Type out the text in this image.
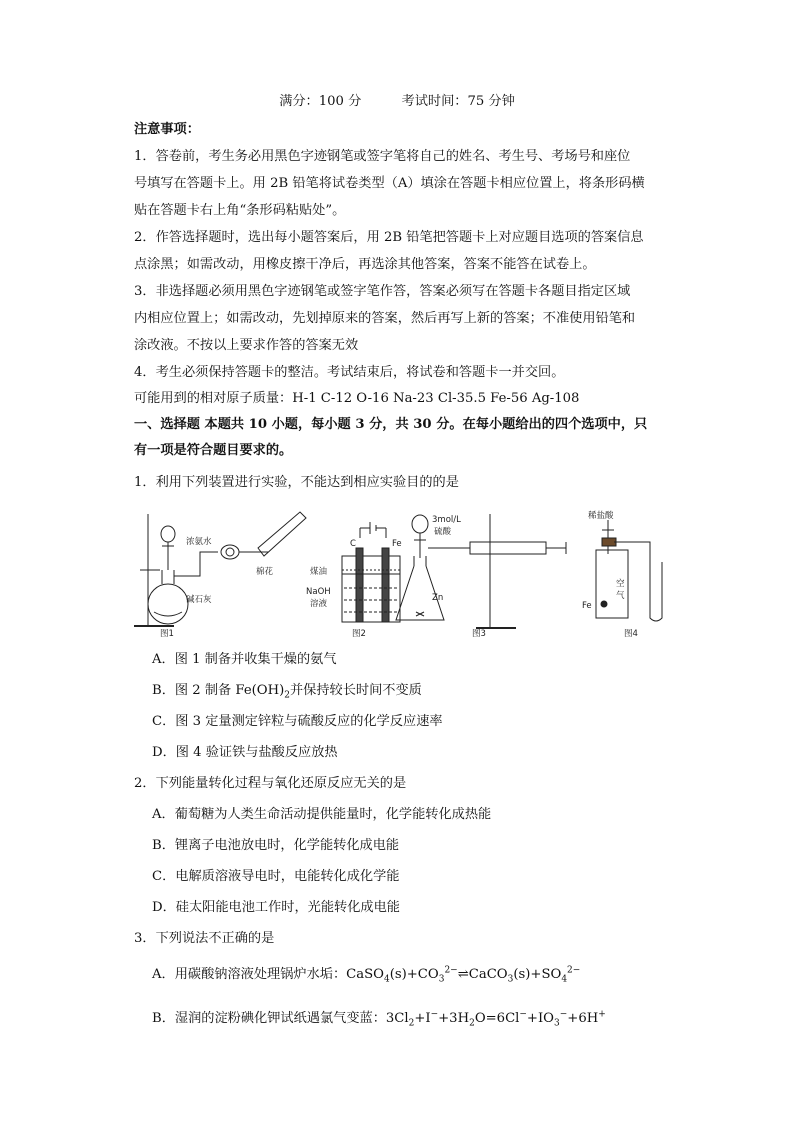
满分：100 分	考试时间：75 分钟
注意事项：
1．答卷前，考生务必用黑色字迹钢笔或签字笔将自己的姓名、考生号、考场号和座位
号填写在答题卡上。用 2B 铅笔将试卷类型（A）填涂在答题卡相应位置上，将条形码横
贴在答题卡右上角“条形码粘贴处”。
2．作答选择题时，选出每小题答案后，用 2B 铅笔把答题卡上对应题目选项的答案信息
点涂黑；如需改动，用橡皮擦干净后，再选涂其他答案，答案不能答在试卷上。
3．非选择题必须用黑色字迹钢笔或签字笔作答，答案必须写在答题卡各题目指定区域
内相应位置上；如需改动，先划掉原来的答案，然后再写上新的答案；不准使用铅笔和
涂改液。不按以上要求作答的答案无效
4．考生必须保持答题卡的整洁。考试结束后，将试卷和答题卡一并交回。
可能用到的相对原子质量：H-1 C-12 O-16 Na-23 Cl-35.5 Fe-56 Ag-108
一、选择题 本题共 10 小题，每小题 3 分，共 30 分。在每小题给出的四个选项中，只
有一项是符合题目要求的。
1．利用下列装置进行实验，不能达到相应实验目的的是
浓氨水
棉花
碱石灰
图1
C	Fe
煤油
NaOH
溶液
图2
3mol/L
硫酸
Zn
图3
稀盐酸
空
气
Fe
图4
A．图 1 制备并收集干燥的氨气
B．图 2 制备 $Fe(OH)_2$并保持较长时间不变质
C．图 3 定量测定锌粒与硫酸反应的化学反应速率
D．图 4 验证铁与盐酸反应放热
2．下列能量转化过程与氧化还原反应无关的是
A．葡萄糖为人类生命活动提供能量时，化学能转化成热能
B．锂离子电池放电时，化学能转化成电能
C．电解质溶液导电时，电能转化成化学能
D．硅太阳能电池工作时，光能转化成电能
3．下列说法不正确的是
A．用碳酸钠溶液处理锅炉水垢：$CaSO_4(s)+CO_3^{2-}\rightleftharpoons CaCO_3(s)+SO_4^{2-}$
B．湿润的淀粉碘化钾试纸遇氯气变蓝：$3Cl_2+I^-+3H_2O=6Cl^-+IO_3^-+6H^+$
